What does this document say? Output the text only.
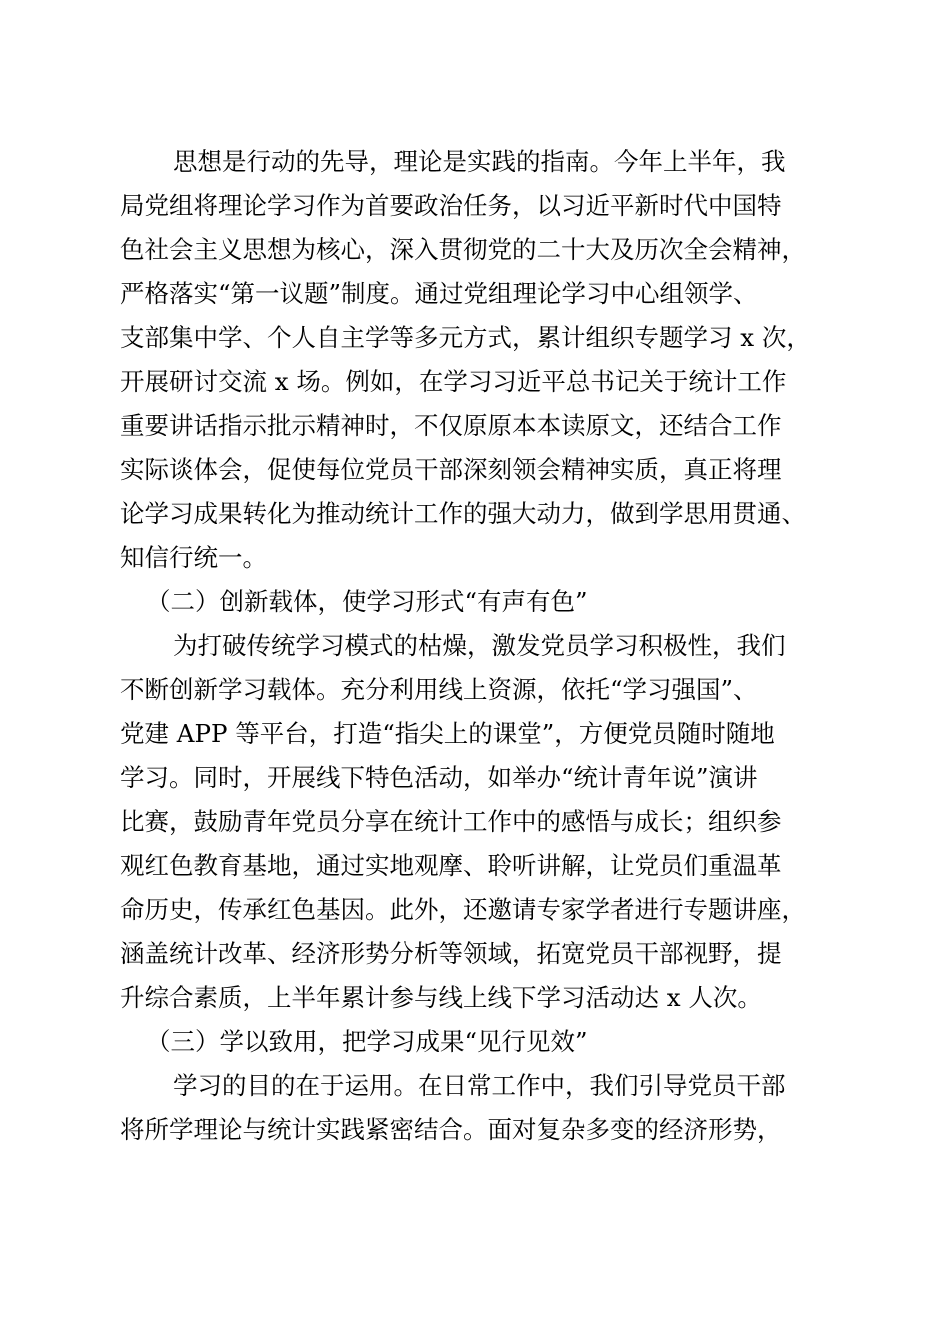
思想是行动的先导，理论是实践的指南。今年上半年，我
局党组将理论学习作为首要政治任务，以习近平新时代中国特
色社会主义思想为核心，深入贯彻党的二十大及历次全会精神，
严格落实“第一议题”制度。通过党组理论学习中心组领学、
支部集中学、个人自主学等多元方式，累计组织专题学习 x 次，
开展研讨交流 x 场。例如，在学习习近平总书记关于统计工作
重要讲话指示批示精神时，不仅原原本本读原文，还结合工作
实际谈体会，促使每位党员干部深刻领会精神实质，真正将理
论学习成果转化为推动统计工作的强大动力，做到学思用贯通、
知信行统一。
（二）创新载体，使学习形式“有声有色”
为打破传统学习模式的枯燥，激发党员学习积极性，我们
不断创新学习载体。充分利用线上资源，依托“学习强国”、
党建 APP 等平台，打造“指尖上的课堂”，方便党员随时随地
学习。同时，开展线下特色活动，如举办“统计青年说”演讲
比赛，鼓励青年党员分享在统计工作中的感悟与成长；组织参
观红色教育基地，通过实地观摩、聆听讲解，让党员们重温革
命历史，传承红色基因。此外，还邀请专家学者进行专题讲座，
涵盖统计改革、经济形势分析等领域，拓宽党员干部视野，提
升综合素质，上半年累计参与线上线下学习活动达 x 人次。
（三）学以致用，把学习成果“见行见效”
学习的目的在于运用。在日常工作中，我们引导党员干部
将所学理论与统计实践紧密结合。面对复杂多变的经济形势，
